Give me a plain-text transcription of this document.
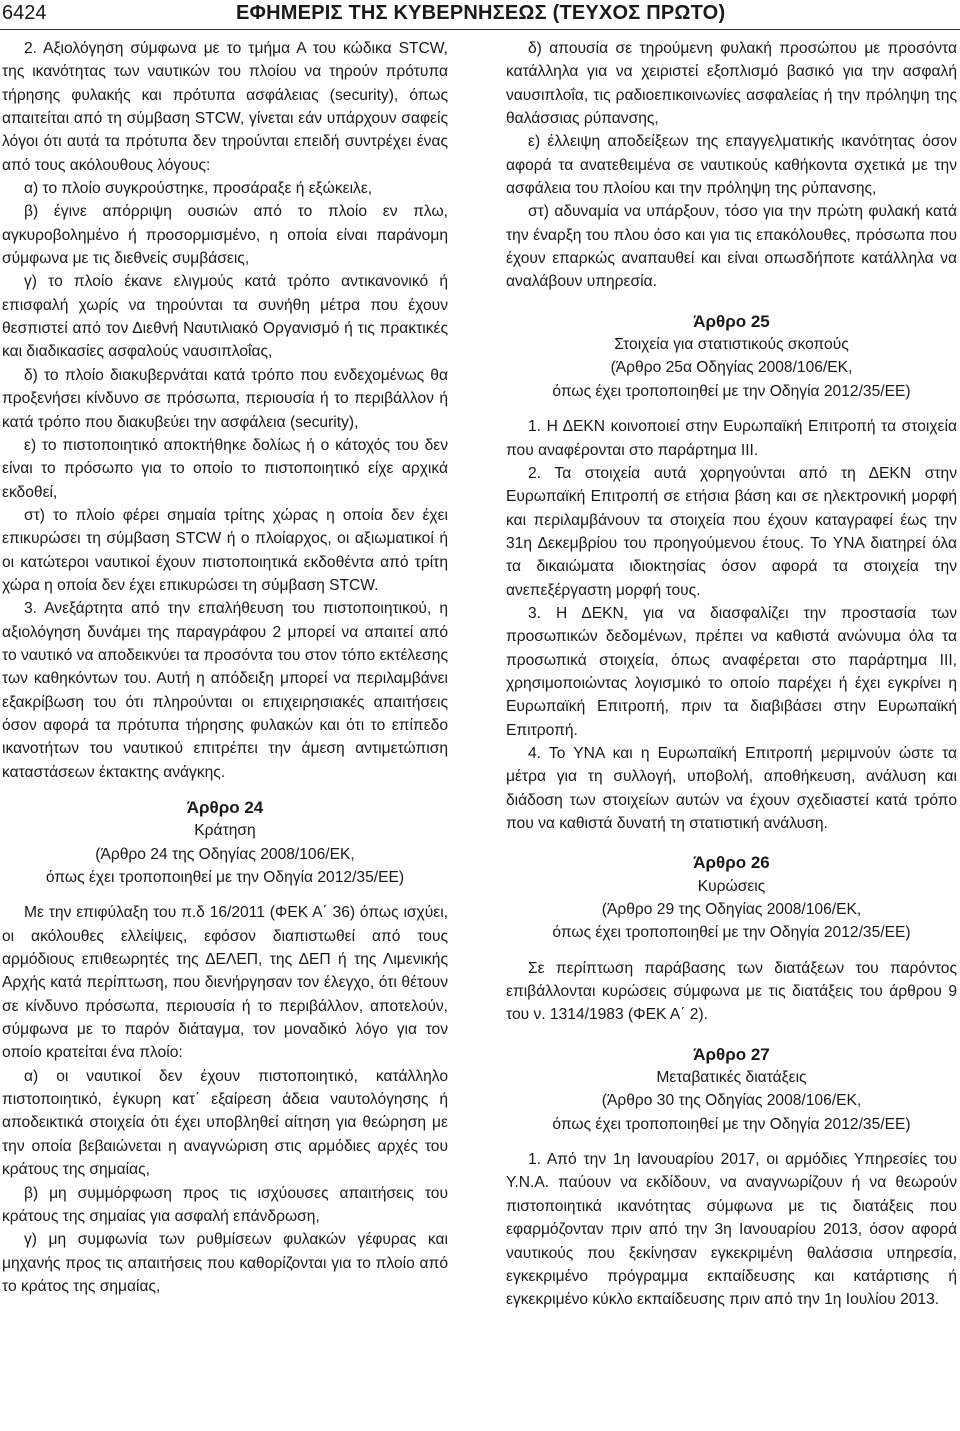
6424	ΕΦΗΜΕΡΙΣ ΤΗΣ ΚΥΒΕΡΝΗΣΕΩΣ (ΤΕΥΧΟΣ ΠΡΩΤΟ)

2. Αξιολόγηση σύμφωνα με το τμήμα Α του κώδικα STCW, της ικανότητας των ναυτικών του πλοίου να τηρούν πρότυπα τήρησης φυλακής και πρότυπα ασφάλειας (security), όπως απαιτείται από τη σύμβαση STCW, γίνεται εάν υπάρχουν σαφείς λόγοι ότι αυτά τα πρότυπα δεν τηρούνται επειδή συντρέχει ένας από τους ακόλουθους λόγους:

α) το πλοίο συγκρούστηκε, προσάραξε ή εξώκειλε,

β) έγινε απόρριψη ουσιών από το πλοίο εν πλω, αγκυροβολημένο ή προσορμισμένο, η οποία είναι παράνομη σύμφωνα με τις διεθνείς συμβάσεις,

γ) το πλοίο έκανε ελιγμούς κατά τρόπο αντικανονικό ή επισφαλή χωρίς να τηρούνται τα συνήθη μέτρα που έχουν θεσπιστεί από τον Διεθνή Ναυτιλιακό Οργανισμό ή τις πρακτικές και διαδικασίες ασφαλούς ναυσιπλοΐας,

δ) το πλοίο διακυβερνάται κατά τρόπο που ενδεχομένως θα προξενήσει κίνδυνο σε πρόσωπα, περιουσία ή το περιβάλλον ή κατά τρόπο που διακυβεύει την ασφάλεια (security),

ε) το πιστοποιητικό αποκτήθηκε δολίως ή ο κάτοχός του δεν είναι το πρόσωπο για το οποίο το πιστοποιητικό είχε αρχικά εκδοθεί,

στ) το πλοίο φέρει σημαία τρίτης χώρας η οποία δεν έχει επικυρώσει τη σύμβαση STCW ή ο πλοίαρχος, οι αξιωματικοί ή οι κατώτεροι ναυτικοί έχουν πιστοποιητικά εκδοθέντα από τρίτη χώρα η οποία δεν έχει επικυρώσει τη σύμβαση STCW.

3. Ανεξάρτητα από την επαλήθευση του πιστοποιητικού, η αξιολόγηση δυνάμει της παραγράφου 2 μπορεί να απαιτεί από το ναυτικό να αποδεικνύει τα προσόντα του στον τόπο εκτέλεσης των καθηκόντων του. Αυτή η απόδειξη μπορεί να περιλαμβάνει εξακρίβωση του ότι πληρούνται οι επιχειρησιακές απαιτήσεις όσον αφορά τα πρότυπα τήρησης φυλακών και ότι το επίπεδο ικανοτήτων του ναυτικού επιτρέπει την άμεση αντιμετώπιση καταστάσεων έκτακτης ανάγκης.

Άρθρο 24
Κράτηση
(Άρθρο 24 της Οδηγίας 2008/106/ΕΚ,
όπως έχει τροποποιηθεί με την Οδηγία 2012/35/ΕΕ)

Με την επιφύλαξη του π.δ 16/2011 (ΦΕΚ Α΄ 36) όπως ισχύει, οι ακόλουθες ελλείψεις, εφόσον διαπιστωθεί από τους αρμόδιους επιθεωρητές της ΔΕΛΕΠ, της ΔΕΠ ή της Λιμενικής Αρχής κατά περίπτωση, που διενήργησαν τον έλεγχο, ότι θέτουν σε κίνδυνο πρόσωπα, περιουσία ή το περιβάλλον, αποτελούν, σύμφωνα με το παρόν διάταγμα, τον μοναδικό λόγο για τον οποίο κρατείται ένα πλοίο:

α) οι ναυτικοί δεν έχουν πιστοποιητικό, κατάλληλο πιστοποιητικό, έγκυρη κατ΄ εξαίρεση άδεια ναυτολόγησης ή αποδεικτικά στοιχεία ότι έχει υποβληθεί αίτηση για θεώρηση με την οποία βεβαιώνεται η αναγνώριση στις αρμόδιες αρχές του κράτους της σημαίας,

β) μη συμμόρφωση προς τις ισχύουσες απαιτήσεις του κράτους της σημαίας για ασφαλή επάνδρωση,

γ) μη συμφωνία των ρυθμίσεων φυλακών γέφυρας και μηχανής προς τις απαιτήσεις που καθορίζονται για το πλοίο από το κράτος της σημαίας,

δ) απουσία σε τηρούμενη φυλακή προσώπου με προσόντα κατάλληλα για να χειριστεί εξοπλισμό βασικό για την ασφαλή ναυσιπλοΐα, τις ραδιοεπικοινωνίες ασφαλείας ή την πρόληψη της θαλάσσιας ρύπανσης,

ε) έλλειψη αποδείξεων της επαγγελματικής ικανότητας όσον αφορά τα ανατεθειμένα σε ναυτικούς καθήκοντα σχετικά με την ασφάλεια του πλοίου και την πρόληψη της ρύπανσης,

στ) αδυναμία να υπάρξουν, τόσο για την πρώτη φυλακή κατά την έναρξη του πλου όσο και για τις επακόλουθες, πρόσωπα που έχουν επαρκώς αναπαυθεί και είναι οπωσδήποτε κατάλληλα να αναλάβουν υπηρεσία.

Άρθρο 25
Στοιχεία για στατιστικούς σκοπούς
(Άρθρο 25α Οδηγίας 2008/106/ΕΚ,
όπως έχει τροποποιηθεί με την Οδηγία 2012/35/ΕΕ)

1. Η ΔΕΚΝ κοινοποιεί στην Ευρωπαϊκή Επιτροπή τα στοιχεία που αναφέρονται στο παράρτημα ΙΙΙ.

2. Τα στοιχεία αυτά χορηγούνται από τη ΔΕΚΝ στην Ευρωπαϊκή Επιτροπή σε ετήσια βάση και σε ηλεκτρονική μορφή και περιλαμβάνουν τα στοιχεία που έχουν καταγραφεί έως την 31η Δεκεμβρίου του προηγούμενου έτους. Το ΥΝΑ διατηρεί όλα τα δικαιώματα ιδιοκτησίας όσον αφορά τα στοιχεία την ανεπεξέργαστη μορφή τους.

3. Η ΔΕΚΝ, για να διασφαλίζει την προστασία των προσωπικών δεδομένων, πρέπει να καθιστά ανώνυμα όλα τα προσωπικά στοιχεία, όπως αναφέρεται στο παράρτημα ΙΙΙ, χρησιμοποιώντας λογισμικό το οποίο παρέχει ή έχει εγκρίνει η Ευρωπαϊκή Επιτροπή, πριν τα διαβιβάσει στην Ευρωπαϊκή Επιτροπή.

4. Το ΥΝΑ και η Ευρωπαϊκή Επιτροπή μεριμνούν ώστε τα μέτρα για τη συλλογή, υποβολή, αποθήκευση, ανάλυση και διάδοση των στοιχείων αυτών να έχουν σχεδιαστεί κατά τρόπο που να καθιστά δυνατή τη στατιστική ανάλυση.

Άρθρο 26
Κυρώσεις
(Άρθρο 29 της Οδηγίας 2008/106/ΕΚ,
όπως έχει τροποποιηθεί με την Οδηγία 2012/35/ΕΕ)

Σε περίπτωση παράβασης των διατάξεων του παρόντος επιβάλλονται κυρώσεις σύμφωνα με τις διατάξεις του άρθρου 9 του ν. 1314/1983 (ΦΕΚ Α΄ 2).

Άρθρο 27
Μεταβατικές διατάξεις
(Άρθρο 30 της Οδηγίας 2008/106/ΕΚ,
όπως έχει τροποποιηθεί με την Οδηγία 2012/35/ΕΕ)

1. Από την 1η Ιανουαρίου 2017, οι αρμόδιες Υπηρεσίες του Υ.Ν.Α. παύουν να εκδίδουν, να αναγνωρίζουν ή να θεωρούν πιστοποιητικά ικανότητας σύμφωνα με τις διατάξεις που εφαρμόζονταν πριν από την 3η Ιανουαρίου 2013, όσον αφορά ναυτικούς που ξεκίνησαν εγκεκριμένη θαλάσσια υπηρεσία, εγκεκριμένο πρόγραμμα εκπαίδευσης και κατάρτισης ή εγκεκριμένο κύκλο εκπαίδευσης πριν από την 1η Ιουλίου 2013.
